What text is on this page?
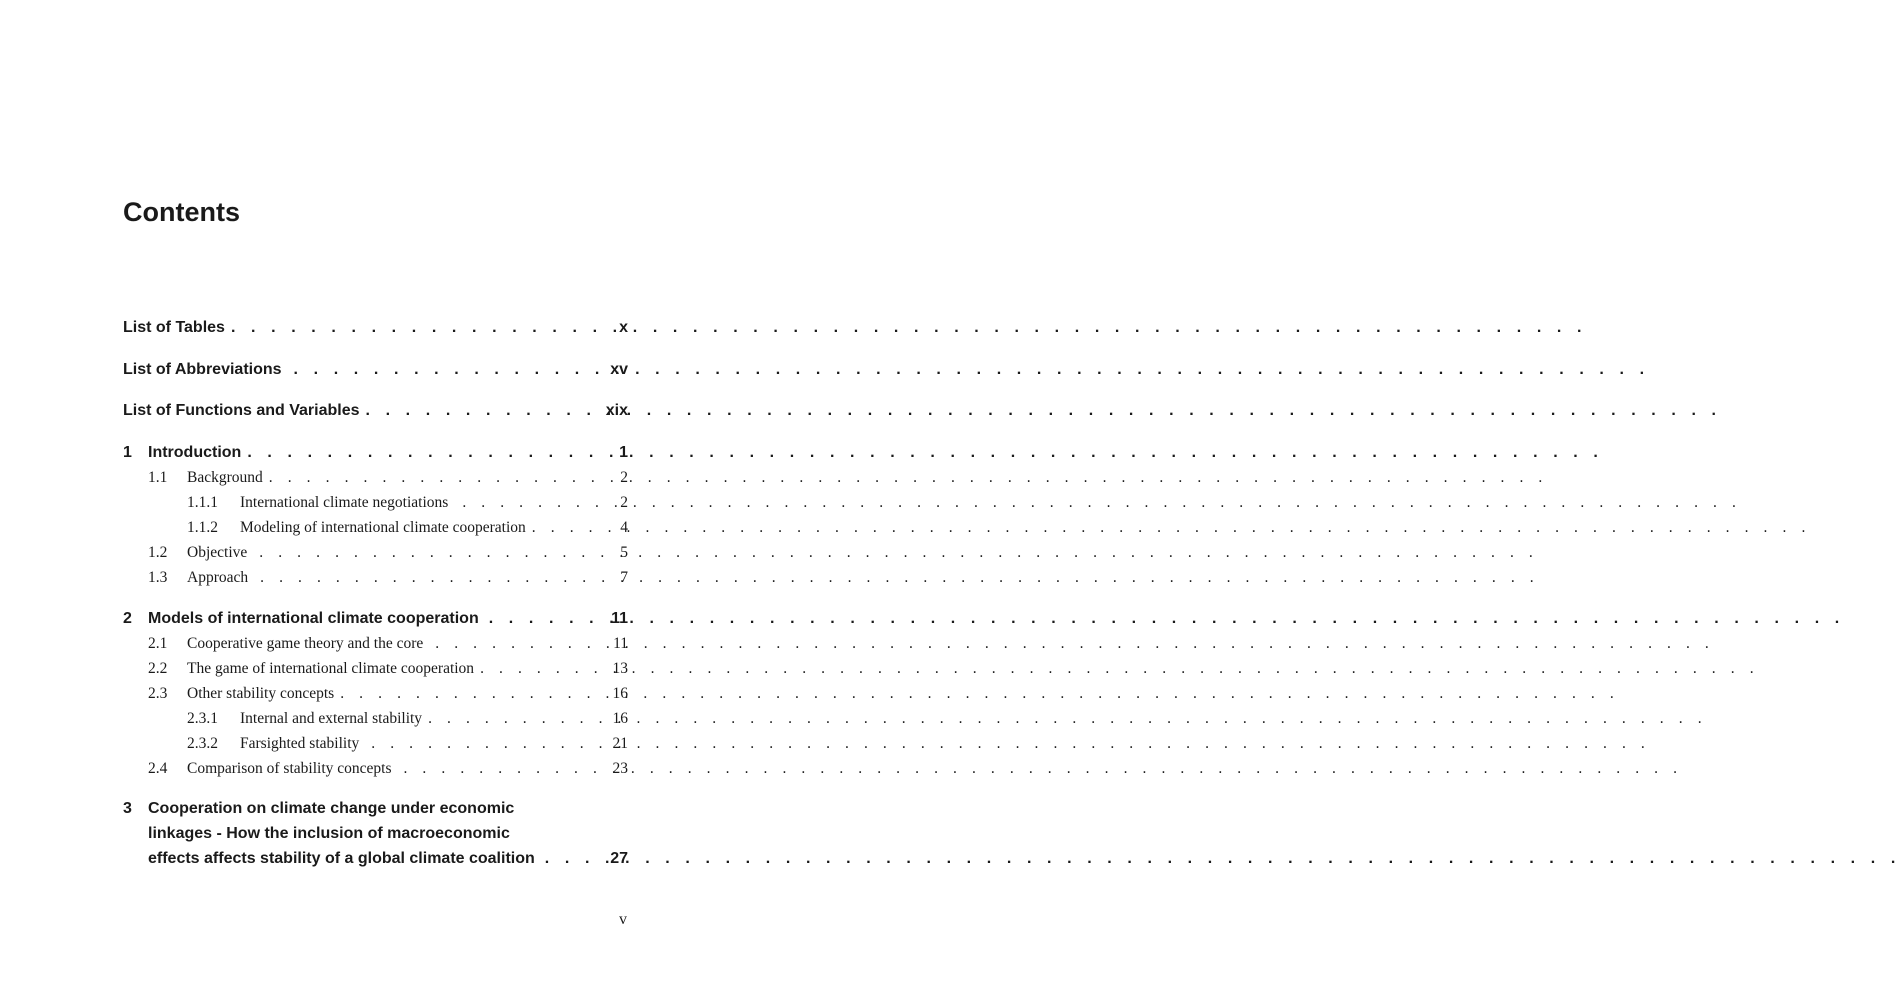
Contents
List of Tables . . .	x
List of Abbreviations . . .	xv
List of Functions and Variables . . .	xix
1	Introduction . . .	1
1.1	Background . . .	2
1.1.1	International climate negotiations . . .	2
1.1.2	Modeling of international climate cooperation . . .	4
1.2	Objective . . .	5
1.3	Approach . . .	7
2	Models of international climate cooperation . . .	11
2.1	Cooperative game theory and the core . . .	11
2.2	The game of international climate cooperation . . .	13
2.3	Other stability concepts . . .	16
2.3.1	Internal and external stability . . .	16
2.3.2	Farsighted stability . . .	21
2.4	Comparison of stability concepts . . .	23
3	Cooperation on climate change under economic
linkages - How the inclusion of macroeconomic
effects affects stability of a global climate coalition . . .	27
v
